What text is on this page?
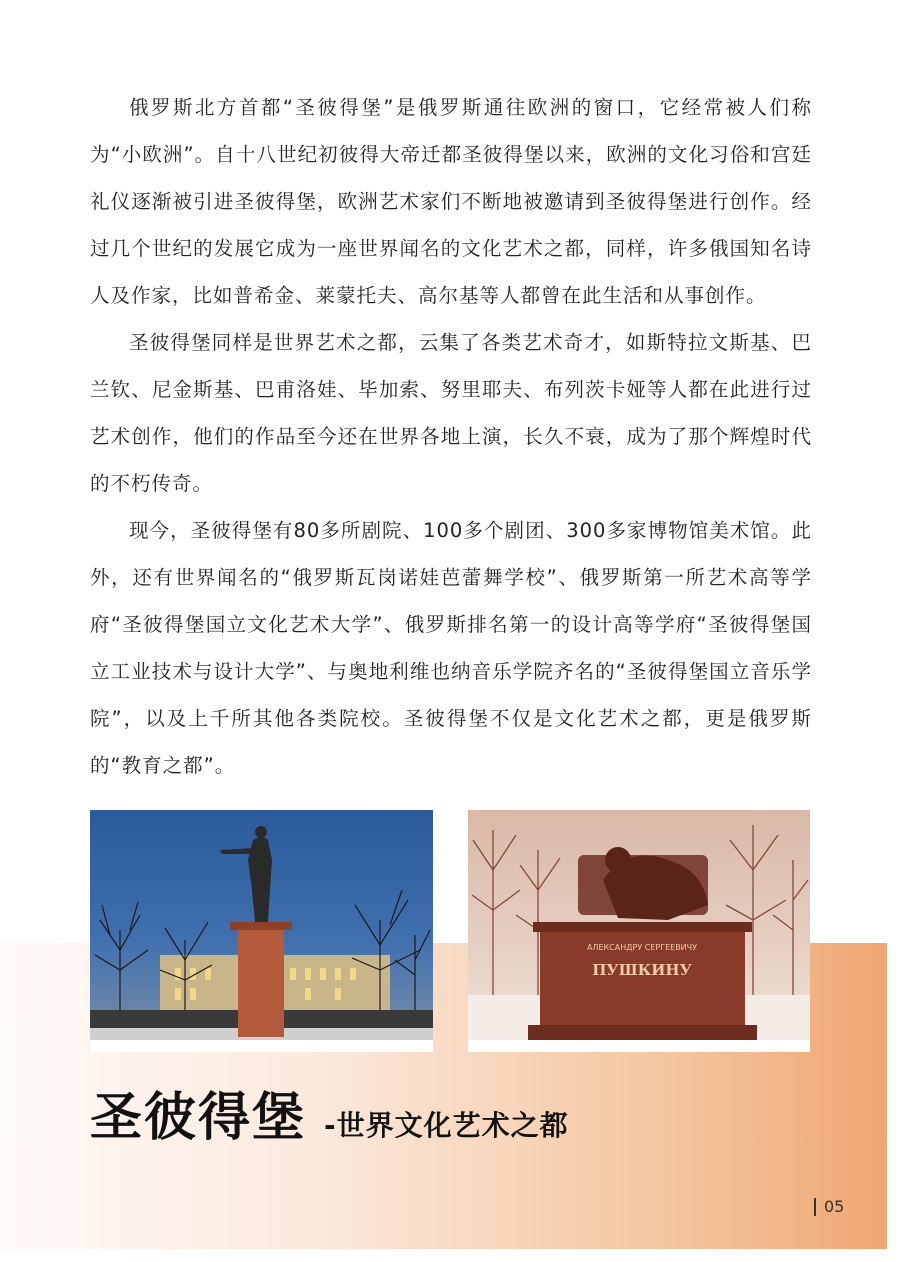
俄罗斯北方首都“圣彼得堡”是俄罗斯通往欧洲的窗口，它经常被人们称为“小欧洲”。自十八世纪初彼得大帝迁都圣彼得堡以来，欧洲的文化习俗和宫廷礼仪逐渐被引进圣彼得堡，欧洲艺术家们不断地被邀请到圣彼得堡进行创作。经过几个世纪的发展它成为一座世界闻名的文化艺术之都，同样，许多俄国知名诗人及作家，比如普希金、莱蒙托夫、高尔基等人都曾在此生活和从事创作。

圣彼得堡同样是世界艺术之都，云集了各类艺术奇才，如斯特拉文斯基、巴兰钦、尼金斯基、巴甫洛娃、毕加索、努里耶夫、布列茨卡娅等人都在此进行过艺术创作，他们的作品至今还在世界各地上演，长久不衰，成为了那个辉煌时代的不朽传奇。

现今，圣彼得堡有80多所剧院、100多个剧团、300多家博物馆美术馆。此外，还有世界闻名的“俄罗斯瓦岗诺娃芭蕾舞学校”、俄罗斯第一所艺术高等学府“圣彼得堡国立文化艺术大学”、俄罗斯排名第一的设计高等学府“圣彼得堡国立工业技术与设计大学”、与奥地利维也纳音乐学院齐名的“圣彼得堡国立音乐学院”，以及上千所其他各类院校。圣彼得堡不仅是文化艺术之都，更是俄罗斯的“教育之都”。

АЛЕКСАНДРУ СЕРГЕЕВИЧУ
ПУШКИНУ
圣彼得堡 -世界文化艺术之都
05
